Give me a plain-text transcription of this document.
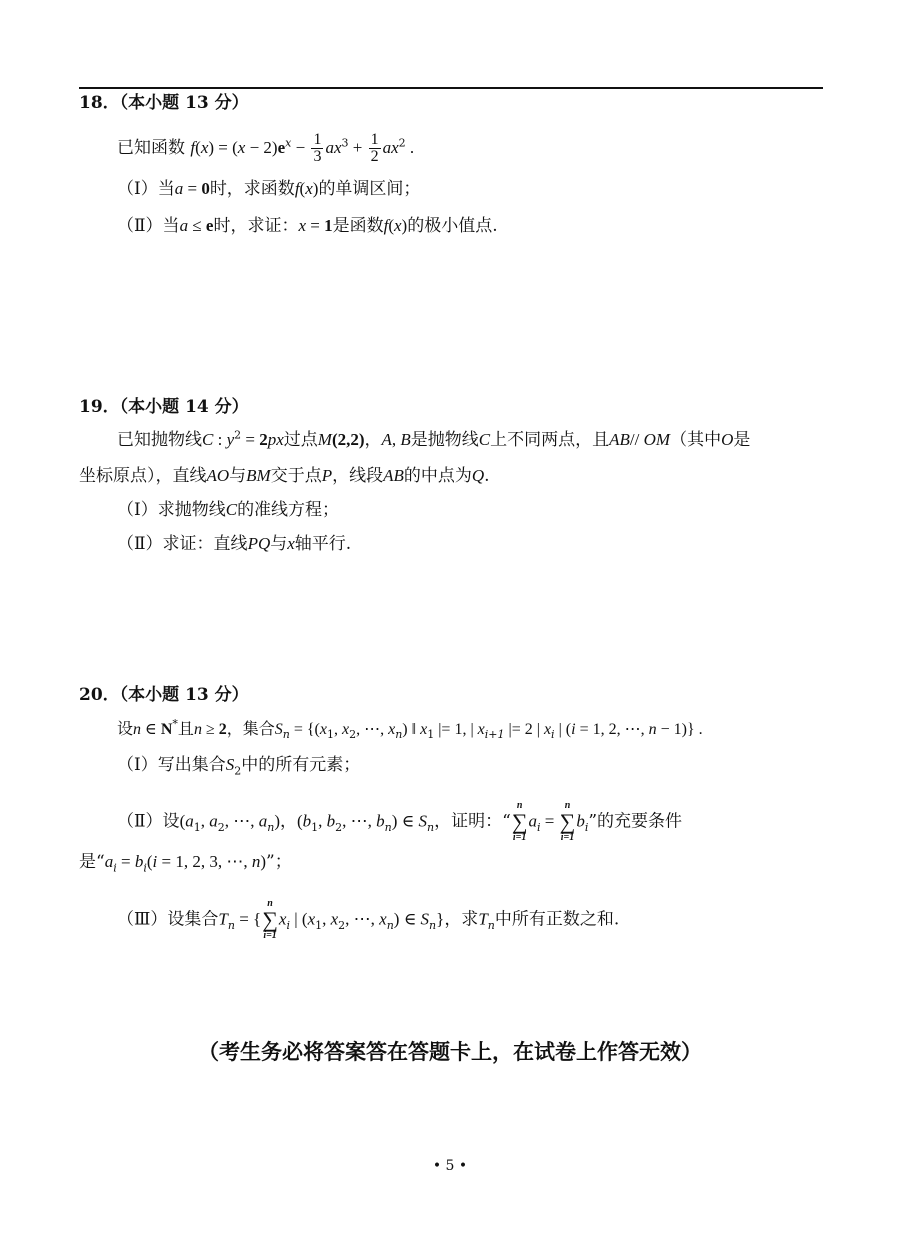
18．（本小题 13 分）
已知函数 $f(x) = (x - 2)e^x - \frac{1}{3} ax^3 + \frac{1}{2} ax^2$ .
（Ⅰ）当a = 0时，求函数f(x)的单调区间；
（Ⅱ）当a ≤ e时，求证：x = 1是函数f(x)的极小值点.
19．（本小题 14 分）
已知抛物线C : $y^2 = 2px$过点M(2,2)，A, B是抛物线C上不同两点，且AB// OM（其中O是
坐标原点），直线AO与BM交于点P，线段AB的中点为Q.
（Ⅰ）求抛物线C的准线方程；
（Ⅱ）求证：直线PQ与x轴平行.
20．（本小题 13 分）
设n ∈ N*且n ≥ 2，集合$S_n = \{(x_1$, $x_2$, ⋯, $x_n$) ‖ $x_1$ |= 1, | $x_{i+1}$ |= 2 | $x_i$ | (i = 1, 2, ⋯, n − 1)} .
（Ⅰ）写出集合$S_2$中的所有元素；
（Ⅱ）设($a_1$, $a_2$, ⋯, $a_n$)，($b_1$, $b_2$, ⋯, $b_n$) ∈ $S_n$，证明：“
n
∑
i=1
$a_i$ =
n
∑
i=1
$b_i$”的充要条件
是“$a_i = b_i(i = 1$, 2, 3, ⋯, n)”；
（Ⅲ）设集合$T_n$ = {
n
∑
i=1
$x_i$ | ($x_1$, $x_2$, ⋯, $x_n$) ∈ $S_n$}，求$T_n$中所有正数之和.
（考生务必将答案答在答题卡上，在试卷上作答无效）
• 5 •
